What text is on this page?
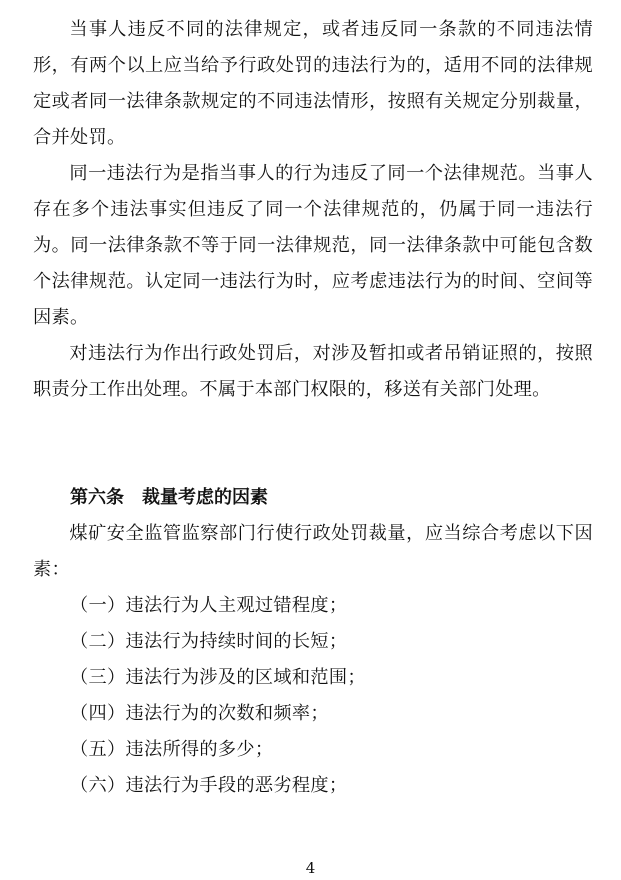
当事人违反不同的法律规定，或者违反同一条款的不同违法情形，有两个以上应当给予行政处罚的违法行为的，适用不同的法律规定或者同一法律条款规定的不同违法情形，按照有关规定分别裁量，合并处罚。

同一违法行为是指当事人的行为违反了同一个法律规范。当事人存在多个违法事实但违反了同一个法律规范的，仍属于同一违法行为。同一法律条款不等于同一法律规范，同一法律条款中可能包含数个法律规范。认定同一违法行为时，应考虑违法行为的时间、空间等因素。

对违法行为作出行政处罚后，对涉及暂扣或者吊销证照的，按照职责分工作出处理。不属于本部门权限的，移送有关部门处理。

第六条　裁量考虑的因素

煤矿安全监管监察部门行使行政处罚裁量，应当综合考虑以下因素：

（一）违法行为人主观过错程度；
（二）违法行为持续时间的长短；
（三）违法行为涉及的区域和范围；
（四）违法行为的次数和频率；
（五）违法所得的多少；
（六）违法行为手段的恶劣程度；
4
